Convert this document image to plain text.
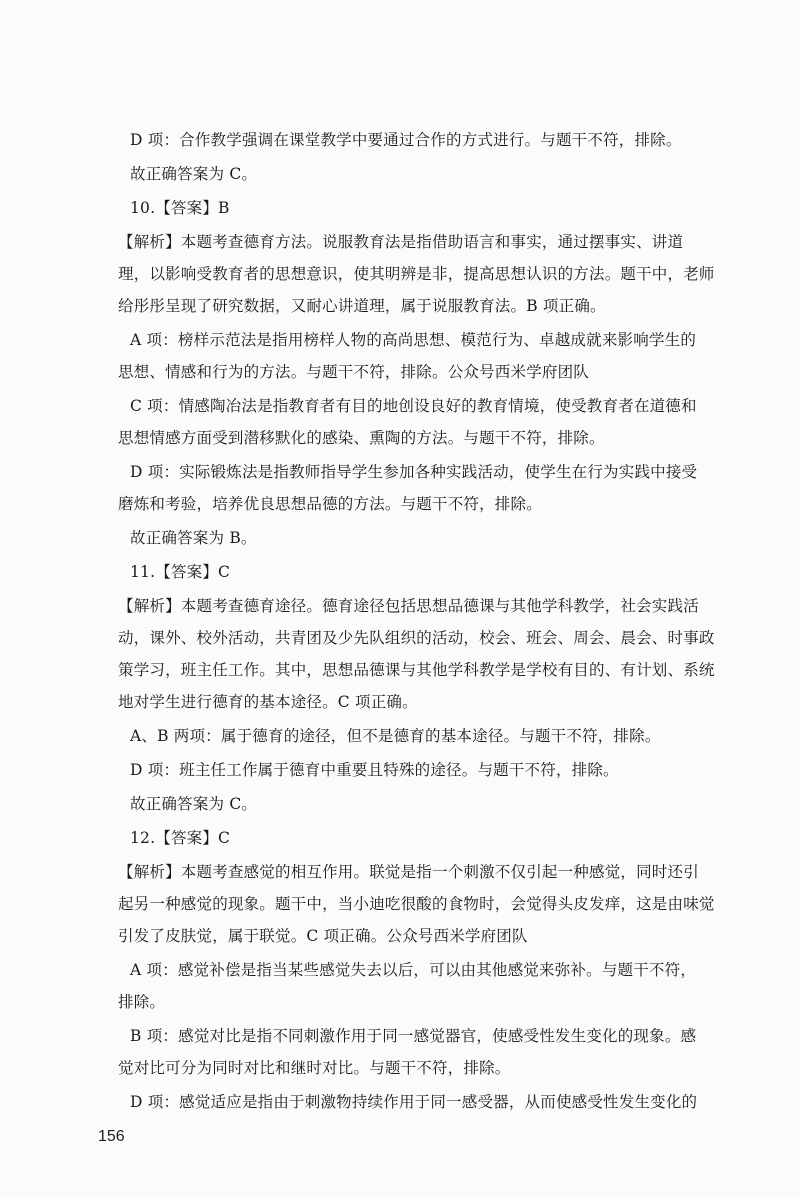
D 项：合作教学强调在课堂教学中要通过合作的方式进行。与题干不符，排除。

故正确答案为 C。

10.【答案】B

【解析】本题考查德育方法。说服教育法是指借助语言和事实，通过摆事实、讲道

理，以影响受教育者的思想意识，使其明辨是非，提高思想认识的方法。题干中，老师

给彤彤呈现了研究数据，又耐心讲道理，属于说服教育法。B 项正确。

A 项：榜样示范法是指用榜样人物的高尚思想、模范行为、卓越成就来影响学生的

思想、情感和行为的方法。与题干不符，排除。公众号西米学府团队

C 项：情感陶冶法是指教育者有目的地创设良好的教育情境，使受教育者在道德和

思想情感方面受到潜移默化的感染、熏陶的方法。与题干不符，排除。

D 项：实际锻炼法是指教师指导学生参加各种实践活动，使学生在行为实践中接受

磨炼和考验，培养优良思想品德的方法。与题干不符，排除。

故正确答案为 B。

11.【答案】C

【解析】本题考查德育途径。德育途径包括思想品德课与其他学科教学，社会实践活

动，课外、校外活动，共青团及少先队组织的活动，校会、班会、周会、晨会、时事政

策学习，班主任工作。其中，思想品德课与其他学科教学是学校有目的、有计划、系统

地对学生进行德育的基本途径。C 项正确。

A、B 两项：属于德育的途径，但不是德育的基本途径。与题干不符，排除。

D 项：班主任工作属于德育中重要且特殊的途径。与题干不符，排除。

故正确答案为 C。

12.【答案】C

【解析】本题考查感觉的相互作用。联觉是指一个刺激不仅引起一种感觉，同时还引

起另一种感觉的现象。题干中，当小迪吃很酸的食物时，会觉得头皮发痒，这是由味觉

引发了皮肤觉，属于联觉。C 项正确。公众号西米学府团队

A 项：感觉补偿是指当某些感觉失去以后，可以由其他感觉来弥补。与题干不符，

排除。

B 项：感觉对比是指不同刺激作用于同一感觉器官，使感受性发生变化的现象。感

觉对比可分为同时对比和继时对比。与题干不符，排除。

D 项：感觉适应是指由于刺激物持续作用于同一感受器，从而使感受性发生变化的

156
